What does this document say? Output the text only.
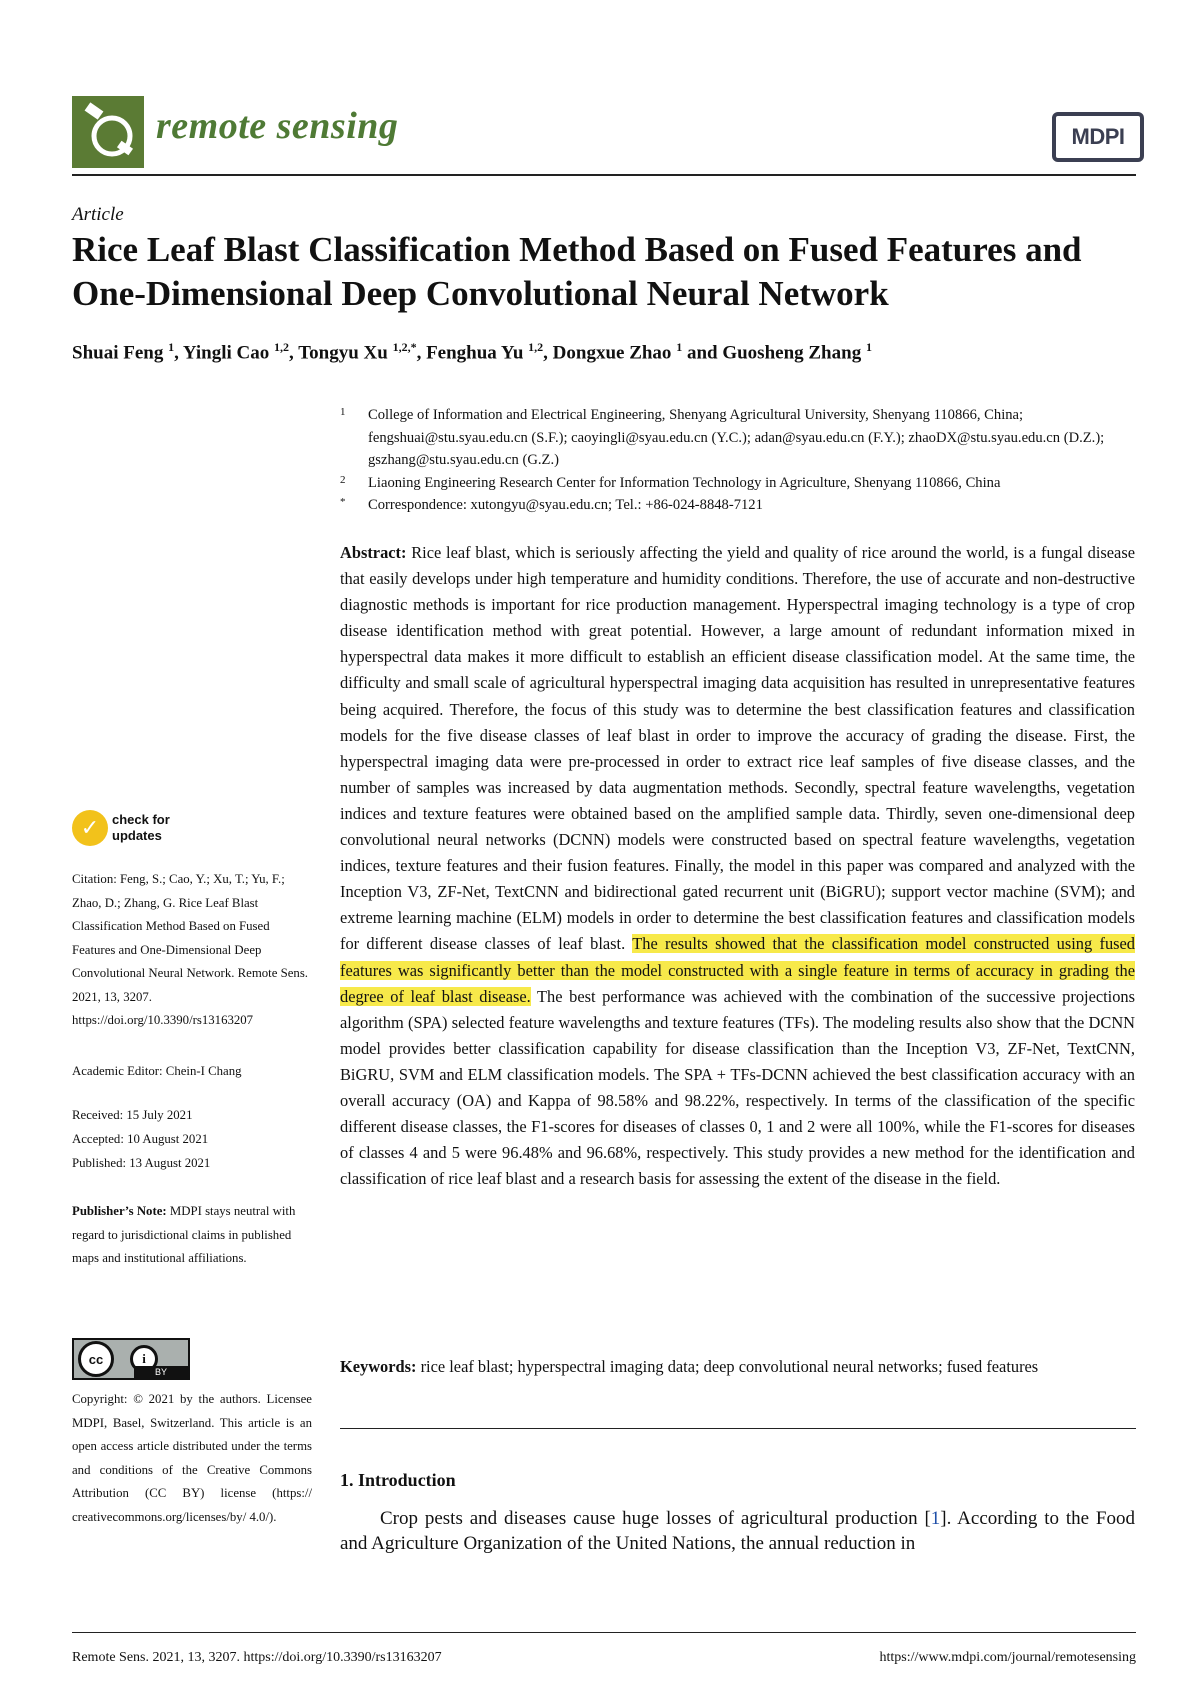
remote sensing	MDPI
Article
Rice Leaf Blast Classification Method Based on Fused Features and One-Dimensional Deep Convolutional Neural Network
Shuai Feng $^1$, Yingli Cao $^{1,2}$, Tongyu Xu $^{1,2,*}$, Fenghua Yu $^{1,2}$, Dongxue Zhao $^1$ and Guosheng Zhang $^1$
1 College of Information and Electrical Engineering, Shenyang Agricultural University, Shenyang 110866, China; fengshuai@stu.syau.edu.cn (S.F.); caoyingli@syau.edu.cn (Y.C.); adan@syau.edu.cn (F.Y.); zhaoDX@stu.syau.edu.cn (D.Z.); gszhang@stu.syau.edu.cn (G.Z.)
2 Liaoning Engineering Research Center for Information Technology in Agriculture, Shenyang 110866, China
* Correspondence: xutongyu@syau.edu.cn; Tel.: +86-024-8848-7121
Abstract: Rice leaf blast, which is seriously affecting the yield and quality of rice around the world, is a fungal disease that easily develops under high temperature and humidity conditions. Therefore, the use of accurate and non-destructive diagnostic methods is important for rice production management. Hyperspectral imaging technology is a type of crop disease identification method with great potential. However, a large amount of redundant information mixed in hyperspectral data makes it more difficult to establish an efficient disease classification model. At the same time, the difficulty and small scale of agricultural hyperspectral imaging data acquisition has resulted in unrepresentative features being acquired. Therefore, the focus of this study was to determine the best classification features and classification models for the five disease classes of leaf blast in order to improve the accuracy of grading the disease. First, the hyperspectral imaging data were pre-processed in order to extract rice leaf samples of five disease classes, and the number of samples was increased by data augmentation methods. Secondly, spectral feature wavelengths, vegetation indices and texture features were obtained based on the amplified sample data. Thirdly, seven one-dimensional deep convolutional neural networks (DCNN) models were constructed based on spectral feature wavelengths, vegetation indices, texture features and their fusion features. Finally, the model in this paper was compared and analyzed with the Inception V3, ZF-Net, TextCNN and bidirectional gated recurrent unit (BiGRU); support vector machine (SVM); and extreme learning machine (ELM) models in order to determine the best classification features and classification models for different disease classes of leaf blast. The results showed that the classification model constructed using fused features was significantly better than the model constructed with a single feature in terms of accuracy in grading the degree of leaf blast disease. The best performance was achieved with the combination of the successive projections algorithm (SPA) selected feature wavelengths and texture features (TFs). The modeling results also show that the DCNN model provides better classification capability for disease classification than the Inception V3, ZF-Net, TextCNN, BiGRU, SVM and ELM classification models. The SPA + TFs-DCNN achieved the best classification accuracy with an overall accuracy (OA) and Kappa of 98.58% and 98.22%, respectively. In terms of the classification of the specific different disease classes, the F1-scores for diseases of classes 0, 1 and 2 were all 100%, while the F1-scores for diseases of classes 4 and 5 were 96.48% and 96.68%, respectively. This study provides a new method for the identification and classification of rice leaf blast and a research basis for assessing the extent of the disease in the field.
Keywords: rice leaf blast; hyperspectral imaging data; deep convolutional neural networks; fused features
1. Introduction
Crop pests and diseases cause huge losses of agricultural production [1]. According to the Food and Agriculture Organization of the United Nations, the annual reduction in
✓ check for
updates
Citation: Feng, S.; Cao, Y.; Xu, T.; Yu, F.; Zhao, D.; Zhang, G. Rice Leaf Blast Classification Method Based on Fused Features and One-Dimensional Deep Convolutional Neural Network. Remote Sens. 2021, 13, 3207. https://doi.org/10.3390/rs13163207
Academic Editor: Chein-I Chang
Received: 15 July 2021
Accepted: 10 August 2021
Published: 13 August 2021
Publisher’s Note: MDPI stays neutral with regard to jurisdictional claims in published maps and institutional affiliations.
cc	i
BY
Copyright: © 2021 by the authors. Licensee MDPI, Basel, Switzerland. This article is an open access article distributed under the terms and conditions of the Creative Commons Attribution (CC BY) license (https:// creativecommons.org/licenses/by/ 4.0/).
Remote Sens. 2021, 13, 3207. https://doi.org/10.3390/rs13163207	https://www.mdpi.com/journal/remotesensing
